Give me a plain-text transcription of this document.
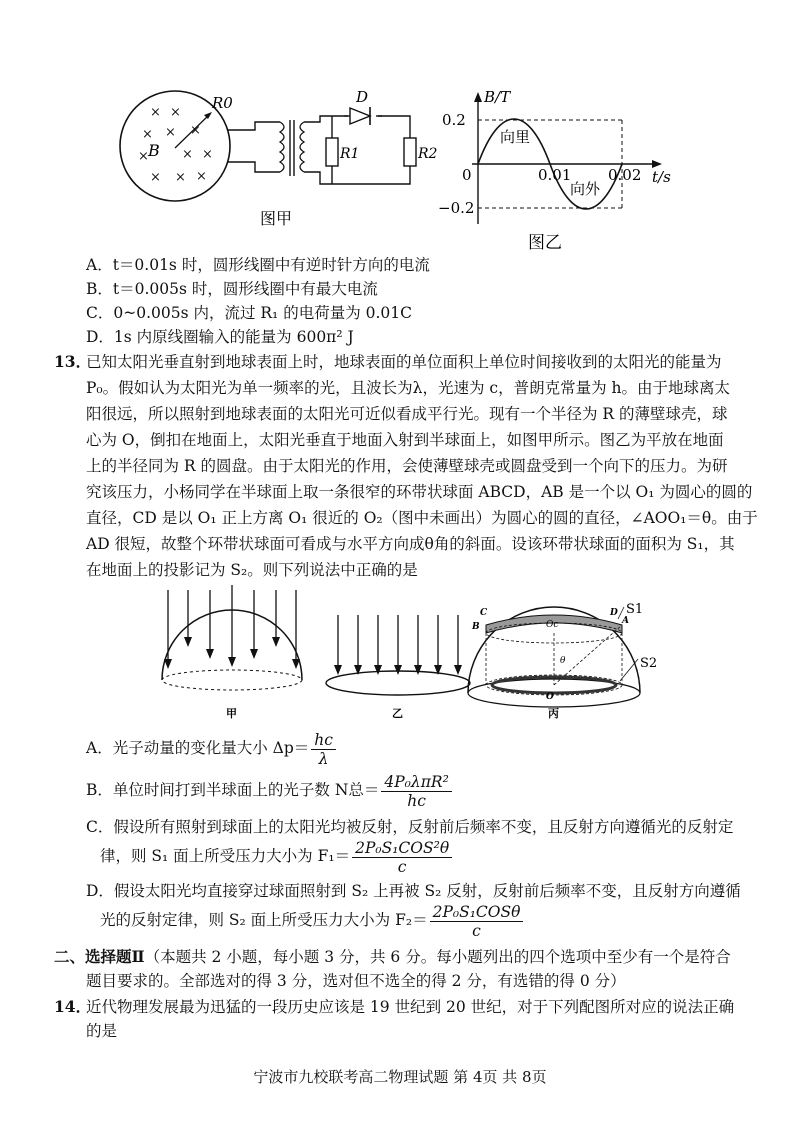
× ×
× × ×
×	× ×
× × ×
R0
B
D
R1	R2
图甲
B/T
t/s
0.2
−0.2
0	0.01 0.02
向里
向外
图乙
A．t＝0.01s 时，圆形线圈中有逆时针方向的电流
B．t＝0.005s 时，圆形线圈中有最大电流
C．0~0.005s 内，流过 R₁ 的电荷量为 0.01C
D．1s 内原线圈输入的能量为 600π² J
13．
已知太阳光垂直射到地球表面上时，地球表面的单位面积上单位时间接收到的太阳光的能量为
P₀。假如认为太阳光为单一频率的光，且波长为λ，光速为 c，普朗克常量为 h。由于地球离太
阳很远，所以照射到地球表面的太阳光可近似看成平行光。现有一个半径为 R 的薄壁球壳，球
心为 O，倒扣在地面上，太阳光垂直于地面入射到半球面上，如图甲所示。图乙为平放在地面
上的半径同为 R 的圆盘。由于太阳光的作用，会使薄壁球壳或圆盘受到一个向下的压力。为研
究该压力，小杨同学在半球面上取一条很窄的环带状球面 ABCD，AB 是一个以 O₁ 为圆心的圆的
直径，CD 是以 O₁ 正上方离 O₁ 很近的 O₂（图中未画出）为圆心的圆的直径，∠AOO₁＝θ。由于
AD 很短，故整个环带状球面可看成与水平方向成θ角的斜面。设该环带状球面的面积为 S₁，其
在地面上的投影记为 S₂。则下列说法中正确的是
甲	乙
C
B	Oc
D
A
S1
S2
θ
O
丙
A．光子动量的变化量大小 $\Delta p= \frac{hc}{\lambda}$
B．单位时间打到半球面上的光子数 N总＝ $\frac{\text{4P₀λπR²}}{hc}$
C．假设所有照射到球面上的太阳光均被反射，反射前后频率不变，且反射方向遵循光的反射定
律，则 S₁ 面上所受压力大小为 $F_1= \frac{\text{2P₀S₁COS²θ}}{c}$
D．假设太阳光均直接穿过球面照射到 S₂ 上再被 S₂ 反射，反射前后频率不变，且反射方向遵循
光的反射定律，则 S₂ 面上所受压力大小为 $F_2= \frac{\text{2P₀S₁COSθ}}{c}$
二、选择题Ⅱ（本题共 2 小题，每小题 3 分，共 6 分。每小题列出的四个选项中至少有一个是符合
题目要求的。全部选对的得 3 分，选对但不选全的得 2 分，有选错的得 0 分）
14．
近代物理发展最为迅猛的一段历史应该是 19 世纪到 20 世纪，对于下列配图所对应的说法正确
的是
宁波市九校联考高二物理试题 第 4页 共 8页
